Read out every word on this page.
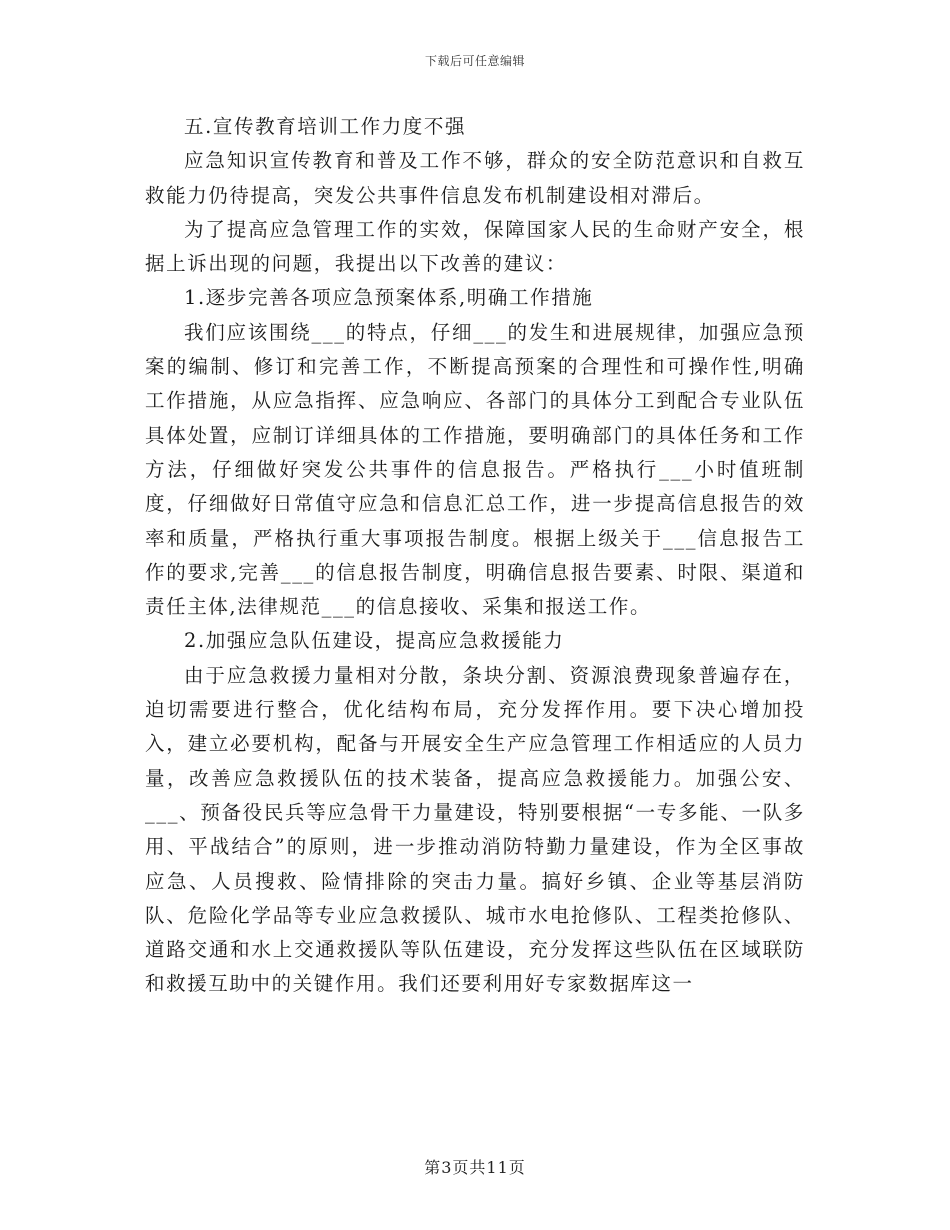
下载后可任意编辑

五.宣传教育培训工作力度不强

应急知识宣传教育和普及工作不够，群众的安全防范意识和自救互救能力仍待提高，突发公共事件信息发布机制建设相对滞后。

为了提高应急管理工作的实效，保障国家人民的生命财产安全，根据上诉出现的问题，我提出以下改善的建议：

1.逐步完善各项应急预案体系,明确工作措施

我们应该围绕___的特点，仔细___的发生和进展规律，加强应急预案的编制、修订和完善工作，不断提高预案的合理性和可操作性,明确工作措施，从应急指挥、应急响应、各部门的具体分工到配合专业队伍具体处置，应制订详细具体的工作措施，要明确部门的具体任务和工作方法，仔细做好突发公共事件的信息报告。严格执行___小时值班制度，仔细做好日常值守应急和信息汇总工作，进一步提高信息报告的效率和质量，严格执行重大事项报告制度。根据上级关于___信息报告工作的要求,完善___的信息报告制度，明确信息报告要素、时限、渠道和责任主体,法律规范___的信息接收、采集和报送工作。

2.加强应急队伍建设，提高应急救援能力

由于应急救援力量相对分散，条块分割、资源浪费现象普遍存在，迫切需要进行整合，优化结构布局，充分发挥作用。要下决心增加投入，建立必要机构，配备与开展安全生产应急管理工作相适应的人员力量，改善应急救援队伍的技术装备，提高应急救援能力。加强公安、___、预备役民兵等应急骨干力量建设，特别要根据“一专多能、一队多用、平战结合”的原则，进一步推动消防特勤力量建设，作为全区事故应急、人员搜救、险情排除的突击力量。搞好乡镇、企业等基层消防队、危险化学品等专业应急救援队、城市水电抢修队、工程类抢修队、道路交通和水上交通救援队等队伍建设，充分发挥这些队伍在区域联防和救援互助中的关键作用。我们还要利用好专家数据库这一

第3页共11页
